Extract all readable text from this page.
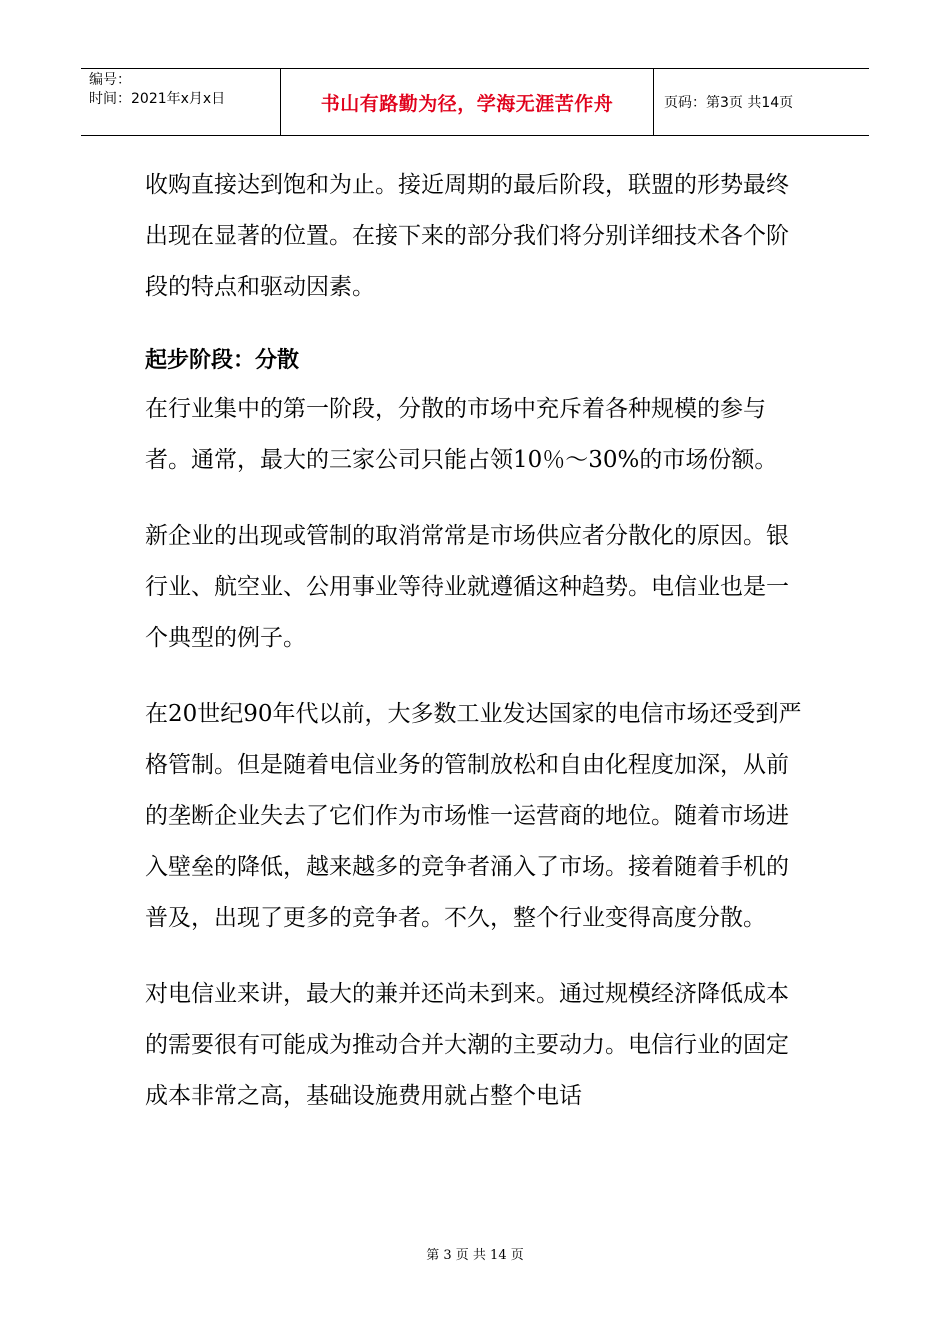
编号：
时间：2021年x月x日	书山有路勤为径，学海无涯苦作舟	页码：第3页 共14页

收购直接达到饱和为止。接近周期的最后阶段，联盟的形势最终出现在显著的位置。在接下来的部分我们将分别详细技术各个阶段的特点和驱动因素。

起步阶段：分散

在行业集中的第一阶段，分散的市场中充斥着各种规模的参与者。通常，最大的三家公司只能占领10％～30%的市场份额。

新企业的出现或管制的取消常常是市场供应者分散化的原因。银行业、航空业、公用事业等待业就遵循这种趋势。电信业也是一个典型的例子。

在20世纪90年代以前，大多数工业发达国家的电信市场还受到严格管制。但是随着电信业务的管制放松和自由化程度加深，从前的垄断企业失去了它们作为市场惟一运营商的地位。随着市场进入壁垒的降低，越来越多的竞争者涌入了市场。接着随着手机的普及，出现了更多的竞争者。不久，整个行业变得高度分散。

对电信业来讲，最大的兼并还尚未到来。通过规模经济降低成本的需要很有可能成为推动合并大潮的主要动力。电信行业的固定成本非常之高，基础设施费用就占整个电话

第 3 页 共 14 页
